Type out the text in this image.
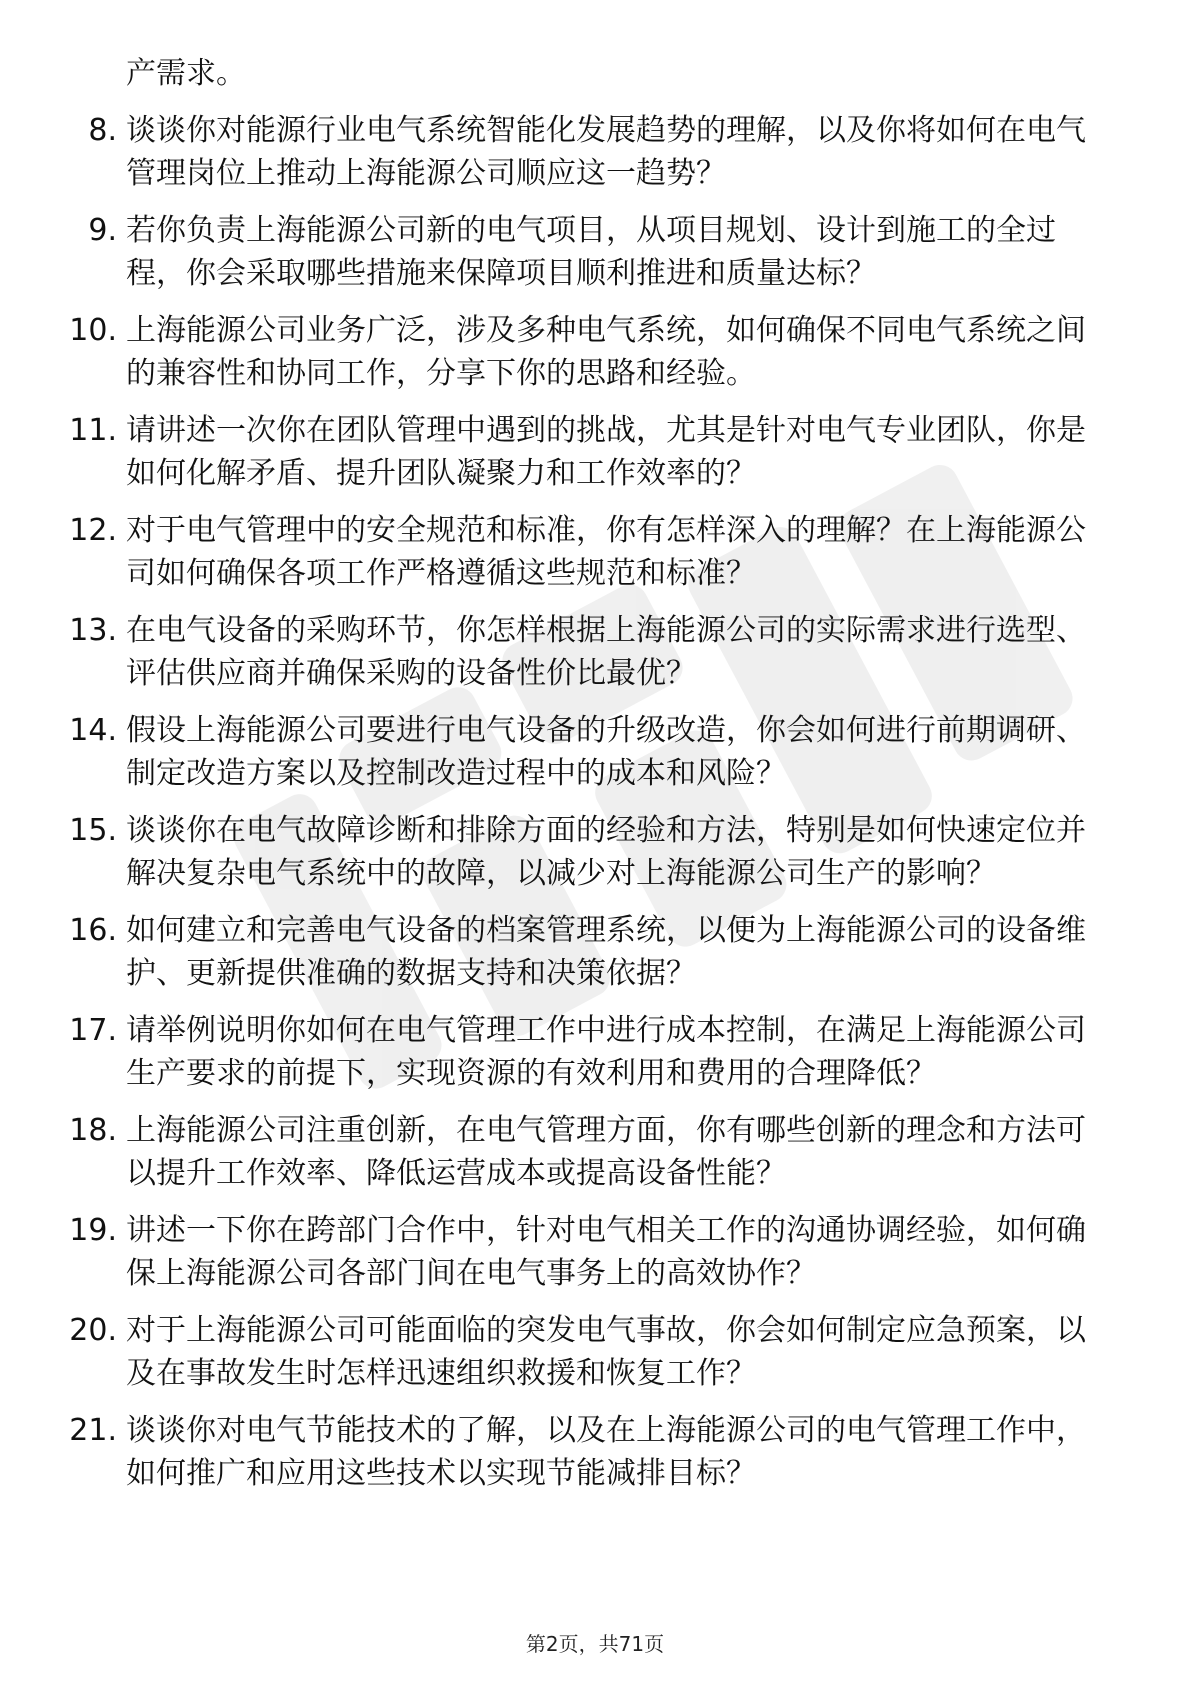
产需求。
8. 谈谈你对能源行业电气系统智能化发展趋势的理解，以及你将如何在电气管理岗位上推动上海能源公司顺应这一趋势？
9. 若你负责上海能源公司新的电气项目，从项目规划、设计到施工的全过程，你会采取哪些措施来保障项目顺利推进和质量达标？
10. 上海能源公司业务广泛，涉及多种电气系统，如何确保不同电气系统之间的兼容性和协同工作，分享下你的思路和经验。
11. 请讲述一次你在团队管理中遇到的挑战，尤其是针对电气专业团队，你是如何化解矛盾、提升团队凝聚力和工作效率的？
12. 对于电气管理中的安全规范和标准，你有怎样深入的理解？在上海能源公司如何确保各项工作严格遵循这些规范和标准？
13. 在电气设备的采购环节，你怎样根据上海能源公司的实际需求进行选型、评估供应商并确保采购的设备性价比最优？
14. 假设上海能源公司要进行电气设备的升级改造，你会如何进行前期调研、制定改造方案以及控制改造过程中的成本和风险？
15. 谈谈你在电气故障诊断和排除方面的经验和方法，特别是如何快速定位并解决复杂电气系统中的故障，以减少对上海能源公司生产的影响？
16. 如何建立和完善电气设备的档案管理系统，以便为上海能源公司的设备维护、更新提供准确的数据支持和决策依据？
17. 请举例说明你如何在电气管理工作中进行成本控制，在满足上海能源公司生产要求的前提下，实现资源的有效利用和费用的合理降低？
18. 上海能源公司注重创新，在电气管理方面，你有哪些创新的理念和方法可以提升工作效率、降低运营成本或提高设备性能？
19. 讲述一下你在跨部门合作中，针对电气相关工作的沟通协调经验，如何确保上海能源公司各部门间在电气事务上的高效协作？
20. 对于上海能源公司可能面临的突发电气事故，你会如何制定应急预案，以及在事故发生时怎样迅速组织救援和恢复工作？
21. 谈谈你对电气节能技术的了解，以及在上海能源公司的电气管理工作中，如何推广和应用这些技术以实现节能减排目标？
第2页，共71页
